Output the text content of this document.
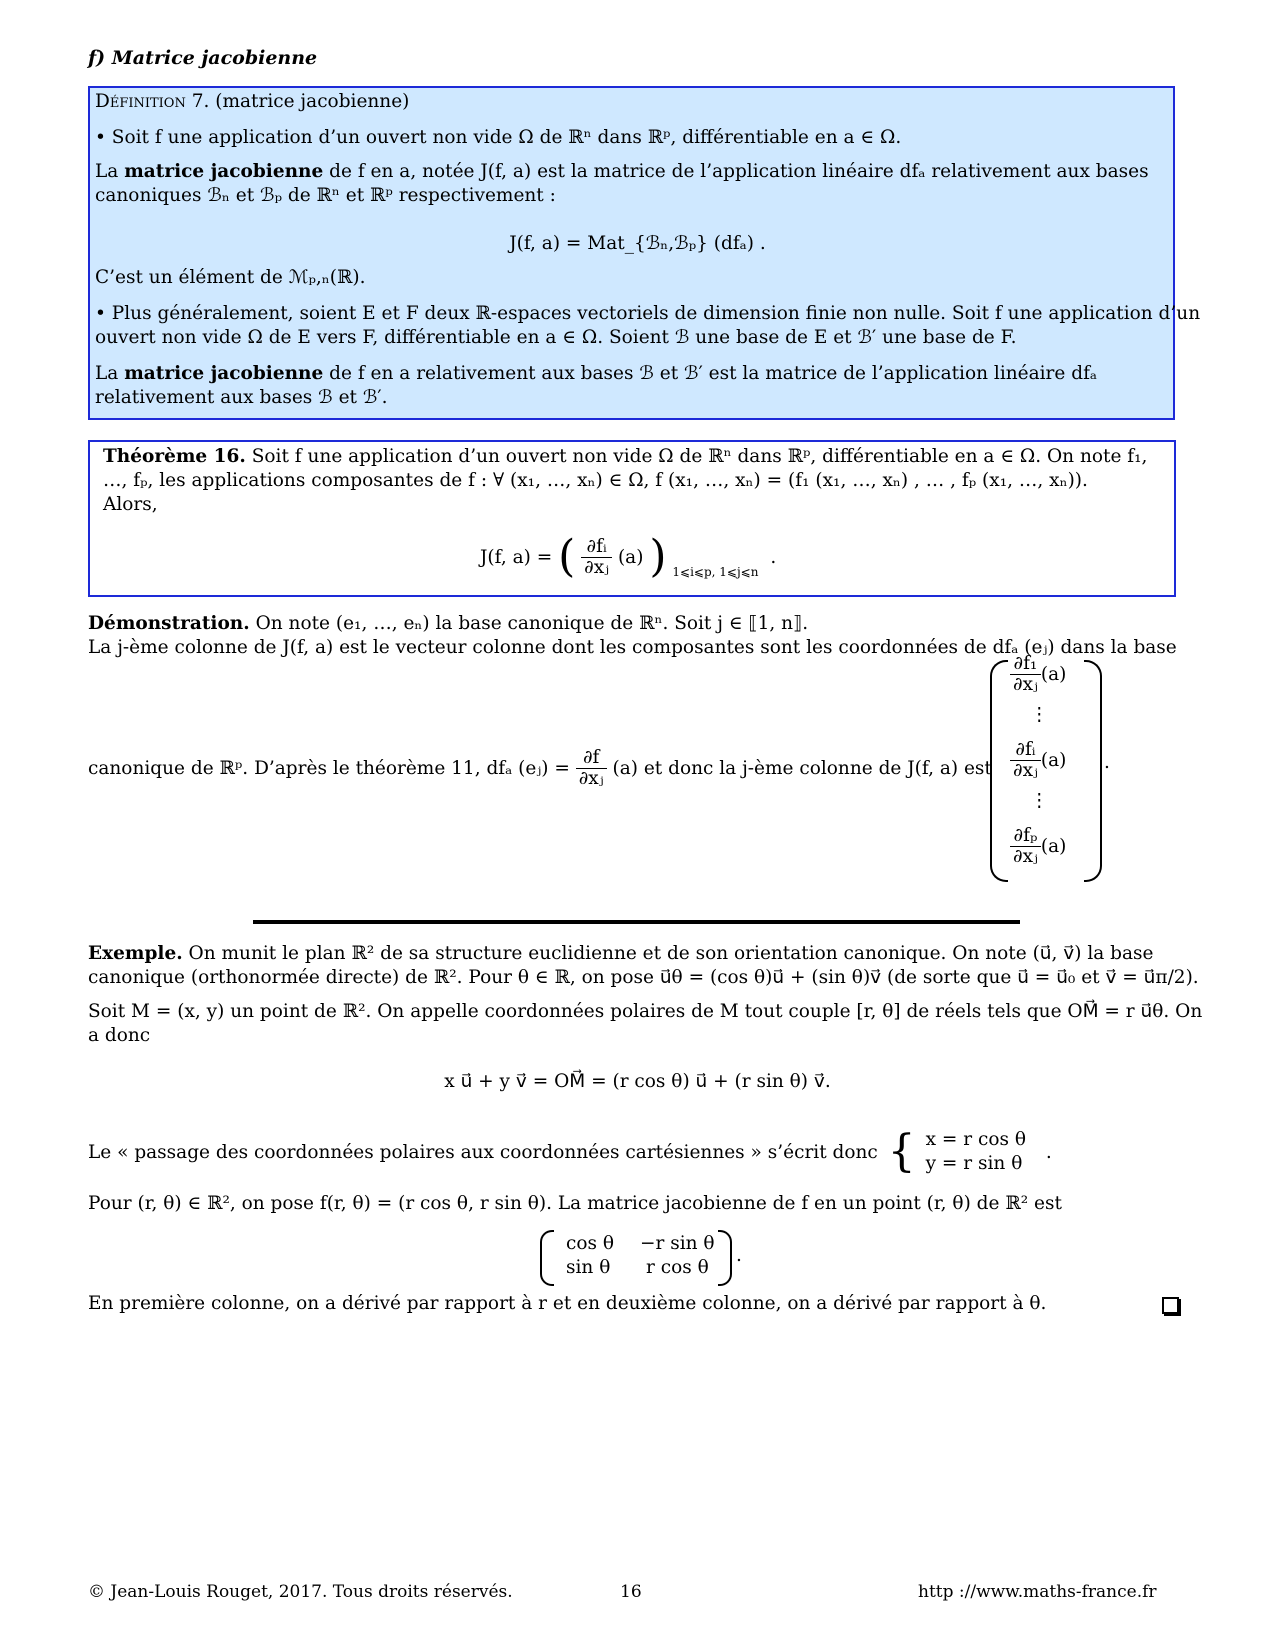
f) Matrice jacobienne
Définition 7. (matrice jacobienne)
• Soit f une application d’un ouvert non vide Ω de ℝⁿ dans ℝᵖ, différentiable en a ∈ Ω.
La matrice jacobienne de f en a, notée J(f, a) est la matrice de l’application linéaire dfₐ relativement aux bases
canoniques ℬₙ et ℬₚ de ℝⁿ et ℝᵖ respectivement :
J(f, a) = Mat_{ℬₙ,ℬₚ} (dfₐ) .
C’est un élément de ℳₚ,ₙ(ℝ).
• Plus généralement, soient E et F deux ℝ-espaces vectoriels de dimension finie non nulle. Soit f une application d’un
ouvert non vide Ω de E vers F, différentiable en a ∈ Ω. Soient ℬ une base de E et ℬ′ une base de F.
La matrice jacobienne de f en a relativement aux bases ℬ et ℬ′ est la matrice de l’application linéaire dfₐ
relativement aux bases ℬ et ℬ′.
Théorème 16. Soit f une application d’un ouvert non vide Ω de ℝⁿ dans ℝᵖ, différentiable en a ∈ Ω. On note f₁,
…, fₚ, les applications composantes de f : ∀ (x₁, …, xₙ) ∈ Ω, f (x₁, …, xₙ) = (f₁ (x₁, …, xₙ) , … , fₚ (x₁, …, xₙ)).
Alors,
J(f, a) = ( $\frac{\text{∂fᵢ}}{\text{∂xⱼ}} (a)$ ) 1⩽i⩽p, 1⩽j⩽n .
Démonstration. On note (e₁, …, eₙ) la base canonique de ℝⁿ. Soit j ∈ ⟦1, n⟧.
La j-ème colonne de J(f, a) est le vecteur colonne dont les composantes sont les coordonnées de dfₐ (eⱼ) dans la base
canonique de ℝᵖ. D’après le théorème 11, dfₐ (eⱼ) = $\frac{\partial f}{\text{∂xⱼ}} (a)$ et donc la j-ème colonne de J(f, a) est
$\frac{\text{∂f₁}}{\text{∂xⱼ}} (a)$
⋮
$\frac{\text{∂fᵢ}}{\text{∂xⱼ}} (a)$
⋮
$\frac{\text{∂fₚ}}{\text{∂xⱼ}} (a)$
.
Exemple. On munit le plan ℝ² de sa structure euclidienne et de son orientation canonique. On note (u⃗, v⃗) la base
canonique (orthonormée directe) de ℝ². Pour θ ∈ ℝ, on pose u⃗θ = (cos θ)u⃗ + (sin θ)v⃗ (de sorte que u⃗ = u⃗₀ et v⃗ = u⃗π/2).
Soit M = (x, y) un point de ℝ². On appelle coordonnées polaires de M tout couple [r, θ] de réels tels que OM⃗ = r u⃗θ. On
a donc
x u⃗ + y v⃗ = OM⃗ = (r cos θ) u⃗ + (r sin θ) v⃗.
Le « passage des coordonnées polaires aux coordonnées cartésiennes » s’écrit donc { x = r cos θ
y = r sin θ
.
Pour (r, θ) ∈ ℝ², on pose f(r, θ) = (r cos θ, r sin θ). La matrice jacobienne de f en un point (r, θ) de ℝ² est
cos θ	−r sin θ
sin θ	r cos θ
.
En première colonne, on a dérivé par rapport à r et en deuxième colonne, on a dérivé par rapport à θ.
© Jean-Louis Rouget, 2017. Tous droits réservés.	16	http ://www.maths-france.fr
